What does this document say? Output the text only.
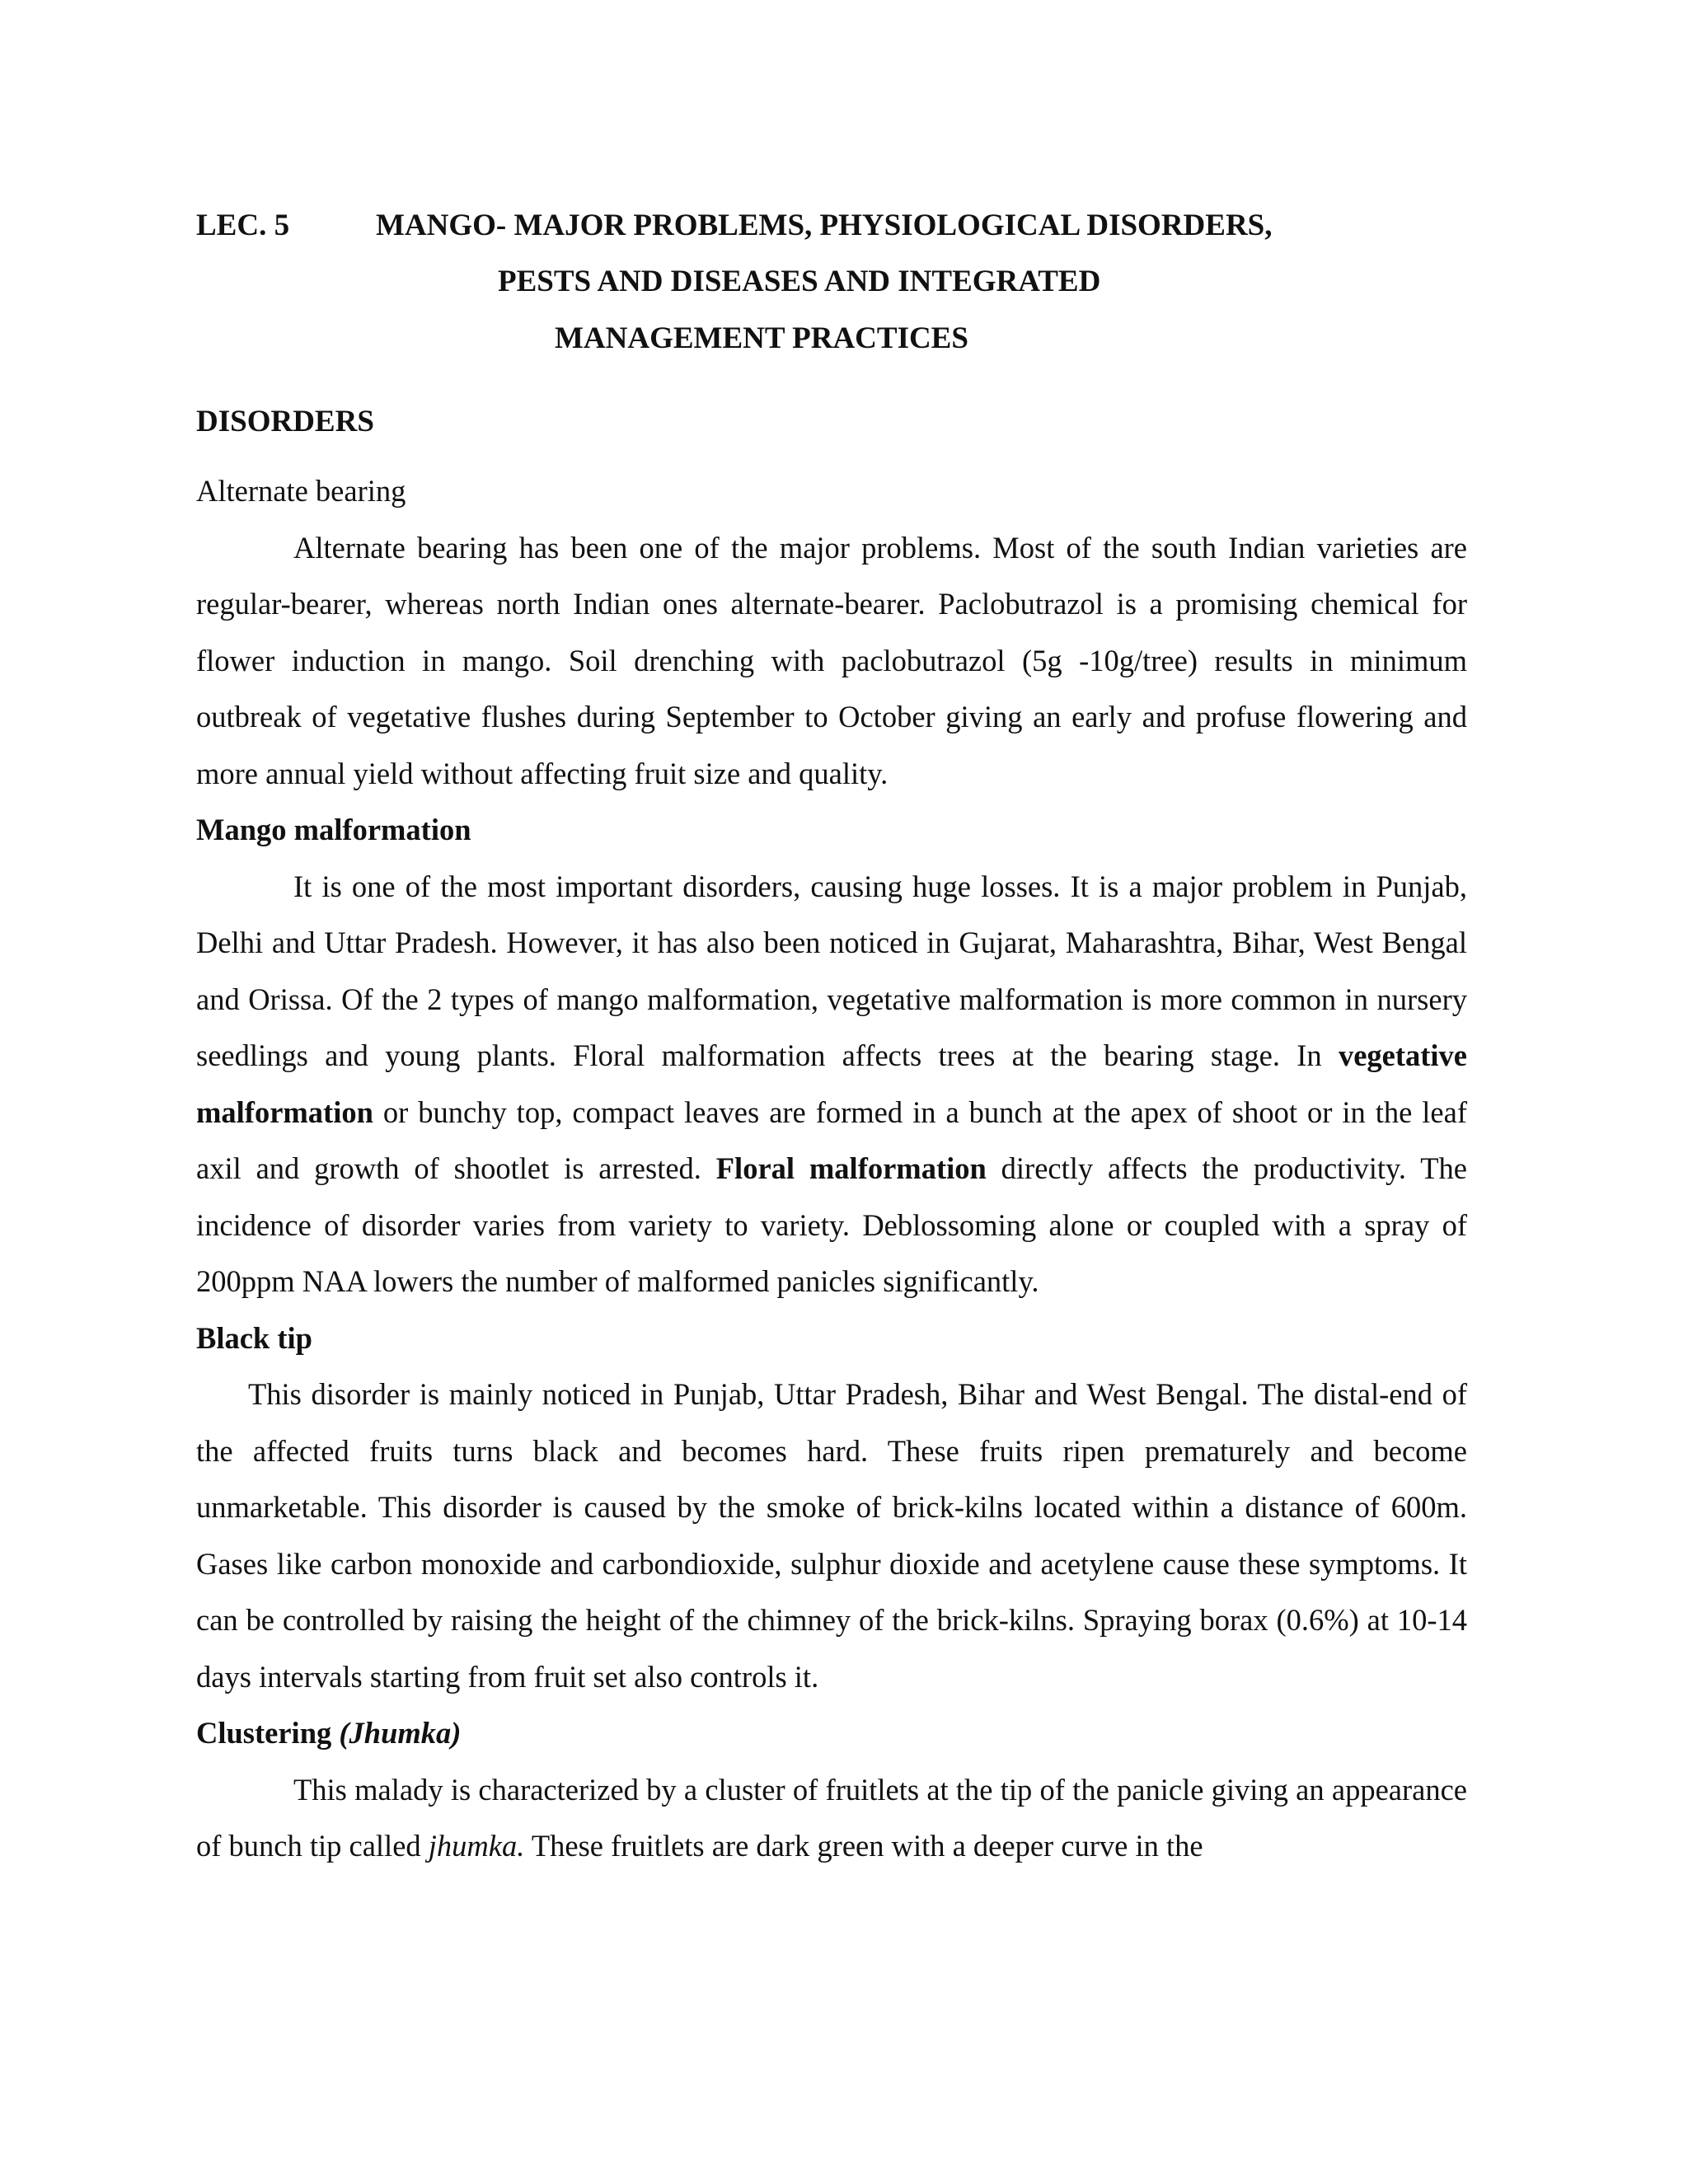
LEC. 5	MANGO- MAJOR PROBLEMS, PHYSIOLOGICAL DISORDERS,
PESTS AND DISEASES AND INTEGRATED
MANAGEMENT PRACTICES
DISORDERS

Alternate bearing

Alternate bearing has been one of the major problems. Most of the south Indian varieties are regular-bearer, whereas north Indian ones alternate-bearer. Paclobutrazol is a promising chemical for flower induction in mango. Soil drenching with paclobutrazol (5g -10g/tree) results in minimum outbreak of vegetative flushes during September to October giving an early and profuse flowering and more annual yield without affecting fruit size and quality.

Mango malformation

It is one of the most important disorders, causing huge losses. It is a major problem in Punjab, Delhi and Uttar Pradesh. However, it has also been noticed in Gujarat, Maharashtra, Bihar, West Bengal and Orissa. Of the 2 types of mango malformation, vegetative malformation is more common in nursery seedlings and young plants. Floral malformation affects trees at the bearing stage. In vegetative malformation or bunchy top, compact leaves are formed in a bunch at the apex of shoot or in the leaf axil and growth of shootlet is arrested. Floral malformation directly affects the productivity. The incidence of disorder varies from variety to variety. Deblossoming alone or coupled with a spray of 200ppm NAA lowers the number of malformed panicles significantly.

Black tip

This disorder is mainly noticed in Punjab, Uttar Pradesh, Bihar and West Bengal. The distal-end of the affected fruits turns black and becomes hard. These fruits ripen prematurely and become unmarketable. This disorder is caused by the smoke of brick-kilns located within a distance of 600m. Gases like carbon monoxide and carbondioxide, sulphur dioxide and acetylene cause these symptoms. It can be controlled by raising the height of the chimney of the brick-kilns. Spraying borax (0.6%) at 10-14 days intervals starting from fruit set also controls it.

Clustering (Jhumka)

This malady is characterized by a cluster of fruitlets at the tip of the panicle giving an appearance of bunch tip called jhumka. These fruitlets are dark green with a deeper curve in the
